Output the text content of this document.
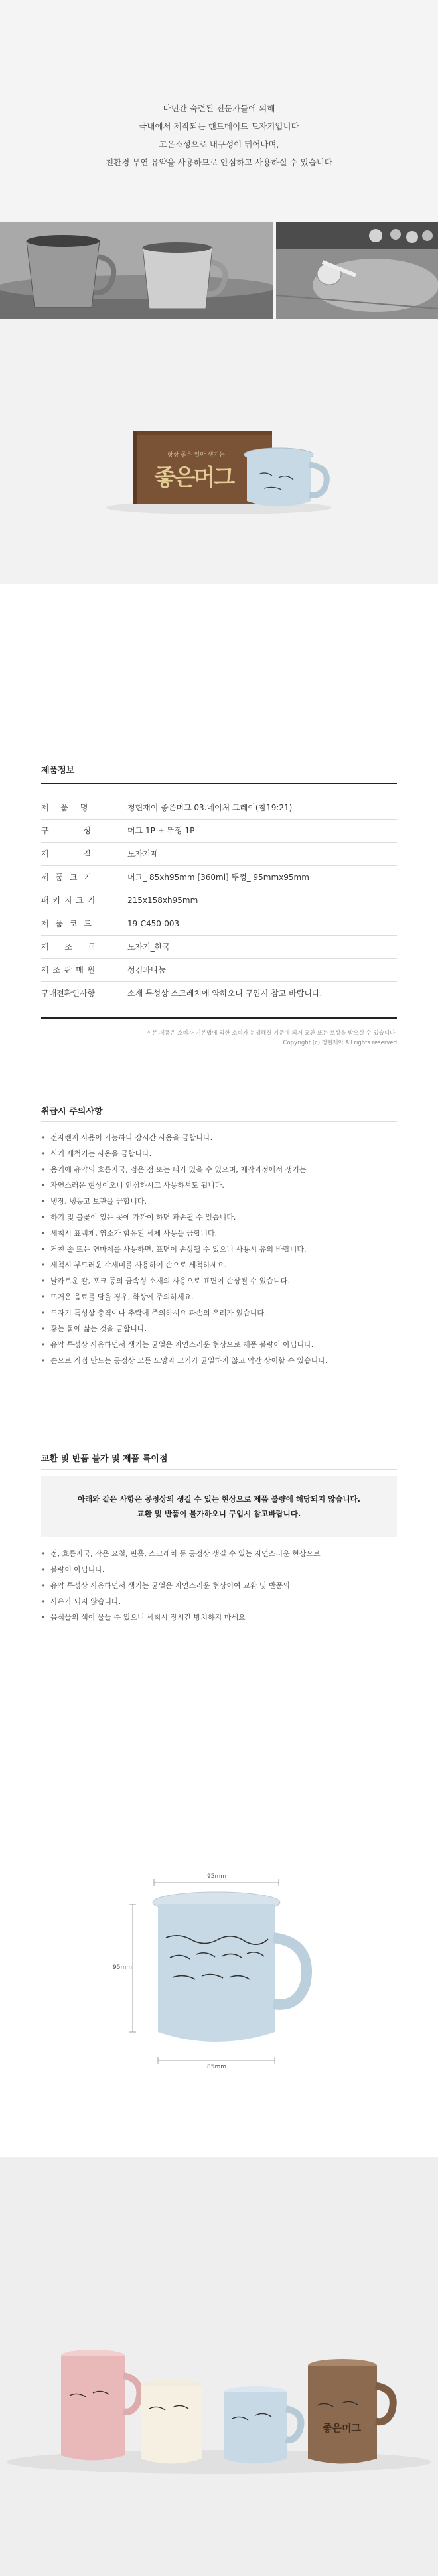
다년간 숙련된 전문가들에 의해

국내에서 제작되는 핸드메이드 도자기입니다

고온소성으로 내구성이 뛰어나며,

친환경 무연 유약을 사용하므로 안심하고 사용하실 수 있습니다

항상 좋은 일만 생기는
좋은머그
제품정보
제 품 명	청현재이 좋은머그 03.네이처 그레이(참19:21)
구 성	머그 1P + 뚜껑 1P
재 질	도자기제
제 품 크 기	머그_ 85xh95mm [360ml] 뚜껑_ 95mmx95mm
패 키 지 크 기	215x158xh95mm
제 품 코 드	19-C450-003
제 조 국	도자기_한국
제 조 판 매 원	성김과나눔
구매전확인사항	소재 특성상 스크레치에 약하오니 구입시 참고 바랍니다.
* 본 제품은 소비자 기본법에 의한 소비자 분쟁해결 기준에 의거 교환 또는 보상을 받으실 수 있습니다.
Copyright (c) 청현재이 All rights reserved
취급시 주의사항
• 전자렌지 사용이 가능하나 장시간 사용을 금합니다.
• 식기 세척기는 사용을 금합니다.
• 용기에 유약의 흐름자국, 검은 점 또는 티가 있을 수 있으며, 제작과정에서 생기는
• 자연스러운 현상이오니 안심하시고 사용하셔도 됩니다.
• 냉장, 냉동고 보관을 금합니다.
• 하기 및 불꽃이 있는 곳에 가까이 하면 파손될 수 있습니다.
• 세척시 표백제, 염소가 함유된 세제 사용을 금합니다.
• 거친 솔 또는 연마제를 사용하면, 표면이 손상될 수 있으니 사용시 유의 바랍니다.
• 세척시 부드러운 수세미를 사용하여 손으로 세척하세요.
• 날카로운 칼, 포크 등의 금속성 소재의 사용으로 표면이 손상될 수 있습니다.
• 뜨거운 음료를 담을 경우, 화상에 주의하세요.
• 도자기 특성상 충격이나 추락에 주의하셔요 파손의 우려가 있습니다.
• 끓는 물에 삶는 것을 금합니다.
• 유약 특성상 사용하면서 생기는 균열은 자연스러운 현상으로 제품 불량이 아닙니다.
• 손으로 직접 만드는 공정상 모든 모양과 크기가 균일하지 않고 약간 상이할 수 있습니다.
교환 및 반품 불가 및 제품 특이점
아래와 같은 사항은 공정상의 생길 수 있는 현상으로 제품 불량에 해당되지 않습니다.
교환 및 반품이 불가하오니 구입시 참고바랍니다.
• 점, 흐름자국, 작은 요철, 핀홀, 스크레치 등 공정상 생길 수 있는 자연스러운 현상으로
• 불량이 아닙니다.
• 유약 특성상 사용하면서 생기는 균열은 자연스러운 현상이여 교환 및 반품의
• 사유가 되지 않습니다.
• 음식물의 색이 물들 수 있으니 세척시 장시간 방치하지 마세요
95mm
95mm
85mm
좋은머그
